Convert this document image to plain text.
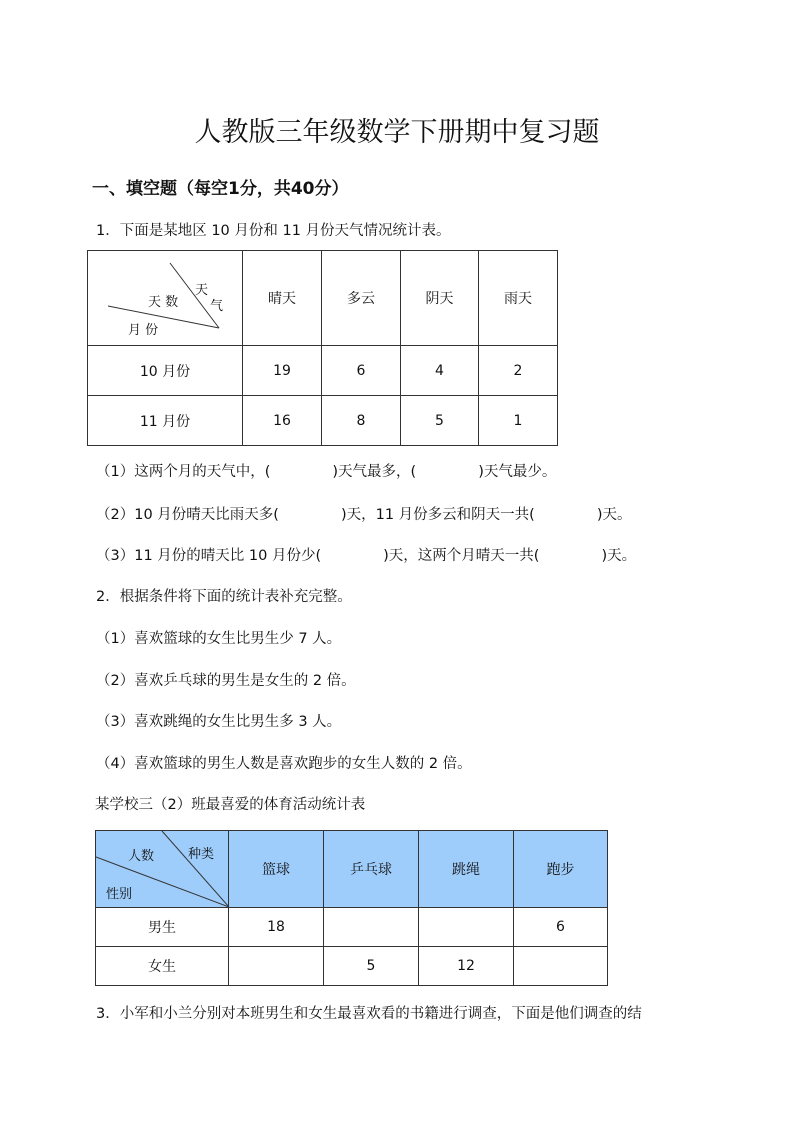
人教版三年级数学下册期中复习题
一、填空题（每空1分，共40分）
1．下面是某地区 10 月份和 11 月份天气情况统计表。
天
气
天 数
月 份	晴天	多云	阴天	雨天
10 月份	19	6	4	2
11 月份	16	8	5	1
（1）这两个月的天气中，(	)天气最多，(	)天气最少。
（2）10 月份晴天比雨天多(	)天，11 月份多云和阴天一共(	)天。
（3）11 月份的晴天比 10 月份少(	)天，这两个月晴天一共(	)天。
2．根据条件将下面的统计表补充完整。
（1）喜欢篮球的女生比男生少 7 人。
（2）喜欢乒乓球的男生是女生的 2 倍。
（3）喜欢跳绳的女生比男生多 3 人。
（4）喜欢篮球的男生人数是喜欢跑步的女生人数的 2 倍。
某学校三（2）班最喜爱的体育活动统计表
人数 种类
性别	篮球	乒乓球	跳绳	跑步
男生	18			6
女生		5	12	
3．小军和小兰分别对本班男生和女生最喜欢看的书籍进行调查，下面是他们调查的结
